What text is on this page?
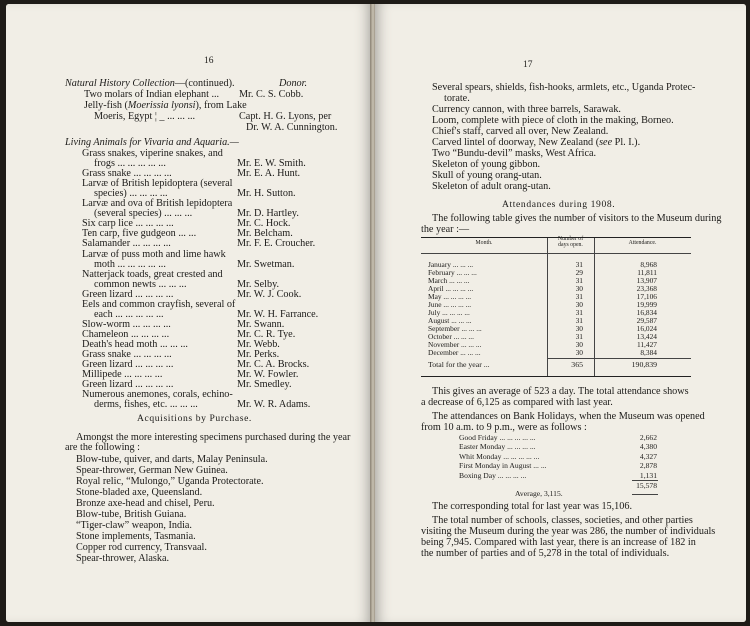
16
Natural History Collection—(continued).	Donor.
Two molars of Indian elephant ... Mr. C. S. Cobb.
Jelly-fish (Moerissia lyonsi), from Lake
Moeris, Egypt ¦ _ ... ... ...	Capt. H. G. Lyons, per
Dr. W. A. Cunnington.
Living Animals for Vivaria and Aquaria.—
Grass snakes, viperine snakes, and
frogs ... ... ... ... ...	Mr. E. W. Smith.
Grass snake ... ... ... ...	Mr. E. A. Hunt.
Larvæ of British lepidoptera (several
species) ... ... ... ...	Mr. H. Sutton.
Larvæ and ova of British lepidoptera
(several species) ... ... ...	Mr. D. Hartley.
Six carp lice ... ... ... ...	Mr. C. Hock.
Ten carp, five gudgeon ... ...	Mr. Belcham.
Salamander ... ... ... ...	Mr. F. E. Croucher.
Larvæ of puss moth and lime hawk
moth ... ... ... ... ...	Mr. Swetman.
Natterjack toads, great crested and
common newts ... ... ...	Mr. Selby.
Green lizard ... ... ... ...	Mr. W. J. Cook.
Eels and common crayfish, several of
each ... ... ... ... ...	Mr. W. H. Farrance.
Slow-worm ... ... ... ...	Mr. Swann.
Chameleon ... ... ... ...	Mr. C. R. Tye.
Death's head moth ... ... ...	Mr. Webb.
Grass snake ... ... ... ...	Mr. Perks.
Green lizard ... ... ... ...	Mr. C. A. Brocks.
Millipede ... ... ... ...	Mr. W. Fowler.
Green lizard ... ... ... ...	Mr. Smedley.
Numerous anemones, corals, echino-
derms, fishes, etc. ... ... ...	Mr. W. R. Adams.
Acquisitions by Purchase.
Amongst the more interesting specimens purchased during the year
are the following :
Blow-tube, quiver, and darts, Malay Peninsula.
Spear-thrower, German New Guinea.
Royal relic, “Mulongo,” Uganda Protectorate.
Stone-bladed axe, Queensland.
Bronze axe-head and chisel, Peru.
Blow-tube, British Guiana.
“Tiger-claw” weapon, India.
Stone implements, Tasmania.
Copper rod currency, Transvaal.
Spear-thrower, Alaska.
17
Several spears, shields, fish-hooks, armlets, etc., Uganda Protec-
torate.
Currency cannon, with three barrels, Sarawak.
Loom, complete with piece of cloth in the making, Borneo.
Chief's staff, carved all over, New Zealand.
Carved lintel of doorway, New Zealand (see Pl. I.).
Two “Bundu-devil” masks, West Africa.
Skeleton of young gibbon.
Skull of young orang-utan.
Skeleton of adult orang-utan.
Attendances during 1908.
The following table gives the number of visitors to the Museum during
the year :—
Month.
Number of
days open.	Attendance.
January ... ... ...	31	8,968
February ... ... ...	29	11,811
March ... ... ...	31	13,907
April ... ... ... ...	30	23,368
May ... ... ... ...	31	17,106
June ... ... ... ...	30	19,999
July ... ... ... ...	31	16,834
August ... ... ...	31	29,587
September ... ... ...	30	16,024
October ... ... ...	31	13,424
November ... ... ...	30	11,427
December ... ... ...	30	8,384
Total for the year ...	365	190,839
This gives an average of 523 a day. The total attendance shows
a decrease of 6,125 as compared with last year.
The attendances on Bank Holidays, when the Museum was opened
from 10 a.m. to 9 p.m., were as follows :
Good Friday ... ... ... ... ...	2,662
Easter Monday ... ... ... ...	4,380
Whit Monday ... ... ... ... ...	4,327
First Monday in August ... ...	2,878
Boxing Day ... ... ... ...	1,131
15,578
Average, 3,115.
The corresponding total for last year was 15,106.
The total number of schools, classes, societies, and other parties
visiting the Museum during the year was 286, the number of individuals
being 7,945. Compared with last year, there is an increase of 182 in
the number of parties and of 5,278 in the total of individuals.
